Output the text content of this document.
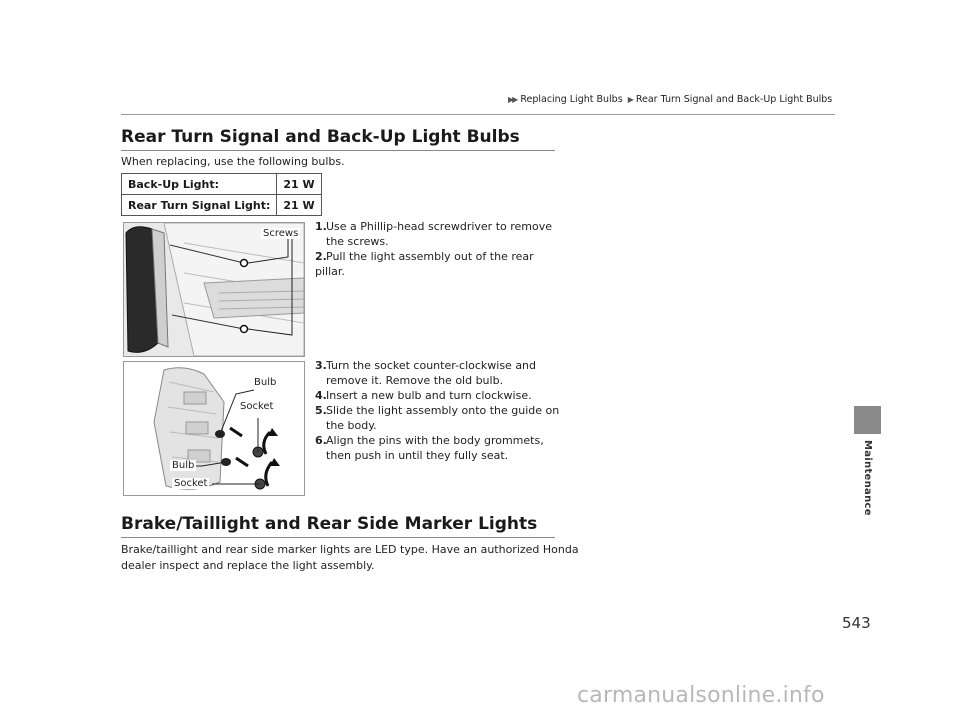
▶▶ Replacing Light Bulbs ▶ Rear Turn Signal and Back-Up Light Bulbs
Rear Turn Signal and Back-Up Light Bulbs
When replacing, use the following bulbs.
Back-Up Light:	21 W
Rear Turn Signal Light:	21 W
Screws
1.Use a Phillip-head screwdriver to remove
the screws.
2.Pull the light assembly out of the rear pillar.
Bulb
Socket
Bulb
Socket
3.Turn the socket counter-clockwise and
remove it. Remove the old bulb.
4.Insert a new bulb and turn clockwise.
5.Slide the light assembly onto the guide on
the body.
6.Align the pins with the body grommets,
then push in until they fully seat.
Brake/Taillight and Rear Side Marker Lights
Brake/taillight and rear side marker lights are LED type. Have an authorized Honda
dealer inspect and replace the light assembly.
Maintenance
543
carmanualsonline.info
